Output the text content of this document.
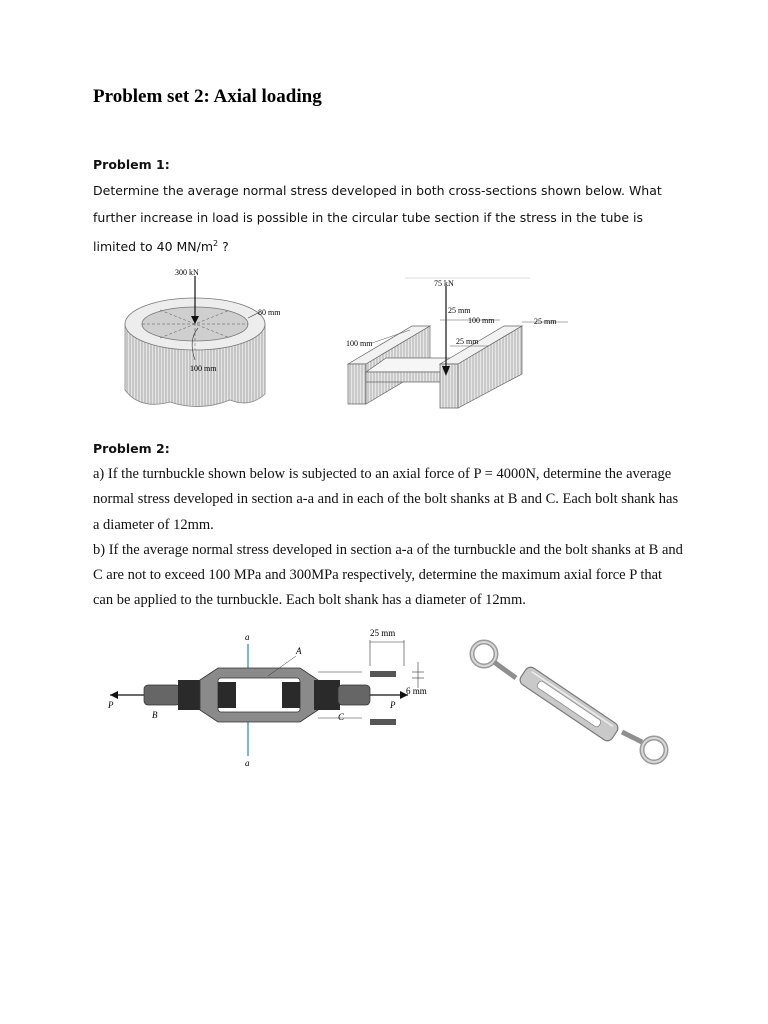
Problem set 2: Axial loading

Problem 1:

Determine the average normal stress developed in both cross-sections shown below. What further increase in load is possible in the circular tube section if the stress in the tube is limited to 40 $MN/m^2$ ?

300 kN
80 mm
100 mm
75 kN
25 mm
100 mm	25 mm
100 mm	25 mm

Problem 2:

a) If the turnbuckle shown below is subjected to an axial force of P = 4000N, determine the average normal stress developed in section a-a and in each of the bolt shanks at B and C. Each bolt shank has a diameter of 12mm.

b) If the average normal stress developed in section a-a of the turnbuckle and the bolt shanks at B and C are not to exceed 100 MPa and 300MPa respectively, determine the maximum axial force P that can be applied to the turnbuckle. Each bolt shank has a diameter of 12mm.

a
a
P
B
A
C
P
25 mm
6 mm
